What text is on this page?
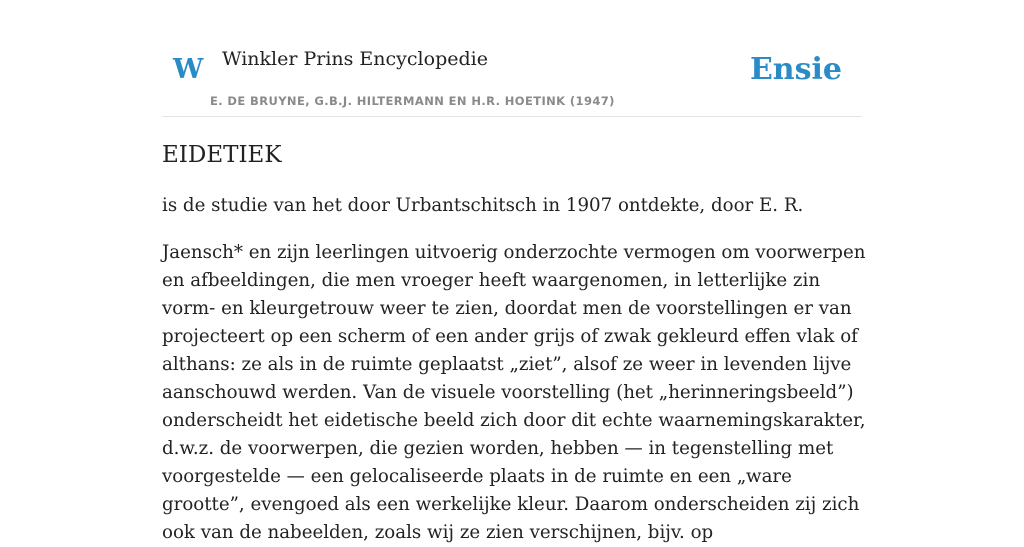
W Winkler Prins Encyclopedie
E. DE BRUYNE, G.B.J. HILTERMANN EN H.R. HOETINK (1947)
Ensie
EIDETIEK

is de studie van het door Urbantschitsch in 1907 ontdekte, door E. R.

Jaensch* en zijn leerlingen uitvoerig onderzochte vermogen om voorwerpen en afbeeldingen, die men vroeger heeft waargenomen, in letterlijke zin vorm- en kleurgetrouw weer te zien, doordat men de voorstellingen er van projecteert op een scherm of een ander grijs of zwak gekleurd effen vlak of althans: ze als in de ruimte geplaatst „ziet”, alsof ze weer in levenden lijve aanschouwd werden. Van de visuele voorstelling (het „herinneringsbeeld”) onderscheidt het eidetische beeld zich door dit echte waarnemingskarakter, d.w.z. de voorwerpen, die gezien worden, hebben — in tegenstelling met voorgestelde — een gelocaliseerde plaats in de ruimte en een „ware grootte”, evengoed als een werkelijke kleur. Daarom onderscheiden zij zich ook van de nabeelden, zoals wij ze zien verschijnen, bijv. op
